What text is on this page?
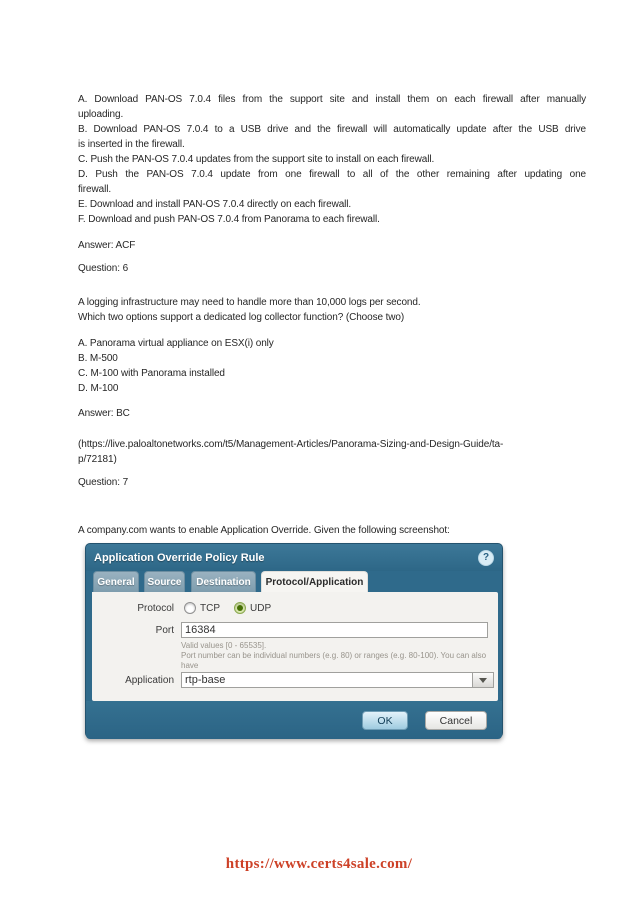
A. Download PAN-OS 7.0.4 files from the support site and install them on each firewall after manually
uploading.
B. Download PAN-OS 7.0.4 to a USB drive and the firewall will automatically update after the USB drive
is inserted in the firewall.
C. Push the PAN-OS 7.0.4 updates from the support site to install on each firewall.
D. Push the PAN-OS 7.0.4 update from one firewall to all of the other remaining after updating one
firewall.
E. Download and install PAN-OS 7.0.4 directly on each firewall.
F. Download and push PAN-OS 7.0.4 from Panorama to each firewall.
Answer: ACF
Question: 6
A logging infrastructure may need to handle more than 10,000 logs per second.
Which two options support a dedicated log collector function? (Choose two)
A. Panorama virtual appliance on ESX(i) only
B. M-500
C. M-100 with Panorama installed
D. M-100
Answer: BC
(https://live.paloaltonetworks.com/t5/Management-Articles/Panorama-Sizing-and-Design-Guide/ta-
p/72181)
Question: 7
A company.com wants to enable Application Override. Given the following screenshot:
Application Override Policy Rule	?
General	Source	Destination	Protocol/Application
Protocol	TCP	UDP
Port
16384
Valid values [0 - 65535].
Port number can be individual numbers (e.g. 80) or ranges (e.g. 80-100). You can also have
Application
rtp-base
OK	Cancel
https://www.certs4sale.com/
